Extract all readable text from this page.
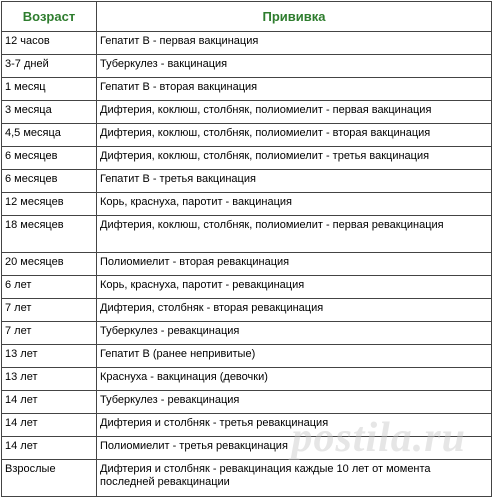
Возраст	Прививка
12 часов	Гепатит В - первая вакцинация
3-7 дней	Туберкулез - вакцинация
1 месяц	Гепатит В - вторая вакцинация
3 месяца	Дифтерия, коклюш, столбняк, полиомиелит - первая вакцинация
4,5 месяца	Дифтерия, коклюш, столбняк, полиомиелит - вторая вакцинация
6 месяцев	Дифтерия, коклюш, столбняк, полиомиелит - третья вакцинация
6 месяцев	Гепатит В - третья вакцинация
12 месяцев	Корь, краснуха, паротит - вакцинация
18 месяцев	Дифтерия, коклюш, столбняк, полиомиелит - первая ревакцинация
20 месяцев	Полиомиелит - вторая ревакцинация
6 лет	Корь, краснуха, паротит - ревакцинация
7 лет	Дифтерия, столбняк - вторая ревакцинация
7 лет	Туберкулез - ревакцинация
13 лет	Гепатит В (ранее непривитые)
13 лет	Краснуха - вакцинация (девочки)
14 лет	Туберкулез - ревакцинация
14 лет	Дифтерия и столбняк - третья ревакцинация
14 лет	Полиомиелит - третья ревакцинация
Взрослые	Дифтерия и столбняк - ревакцинация каждые 10 лет от момента последней ревакцинации
postila.ru
